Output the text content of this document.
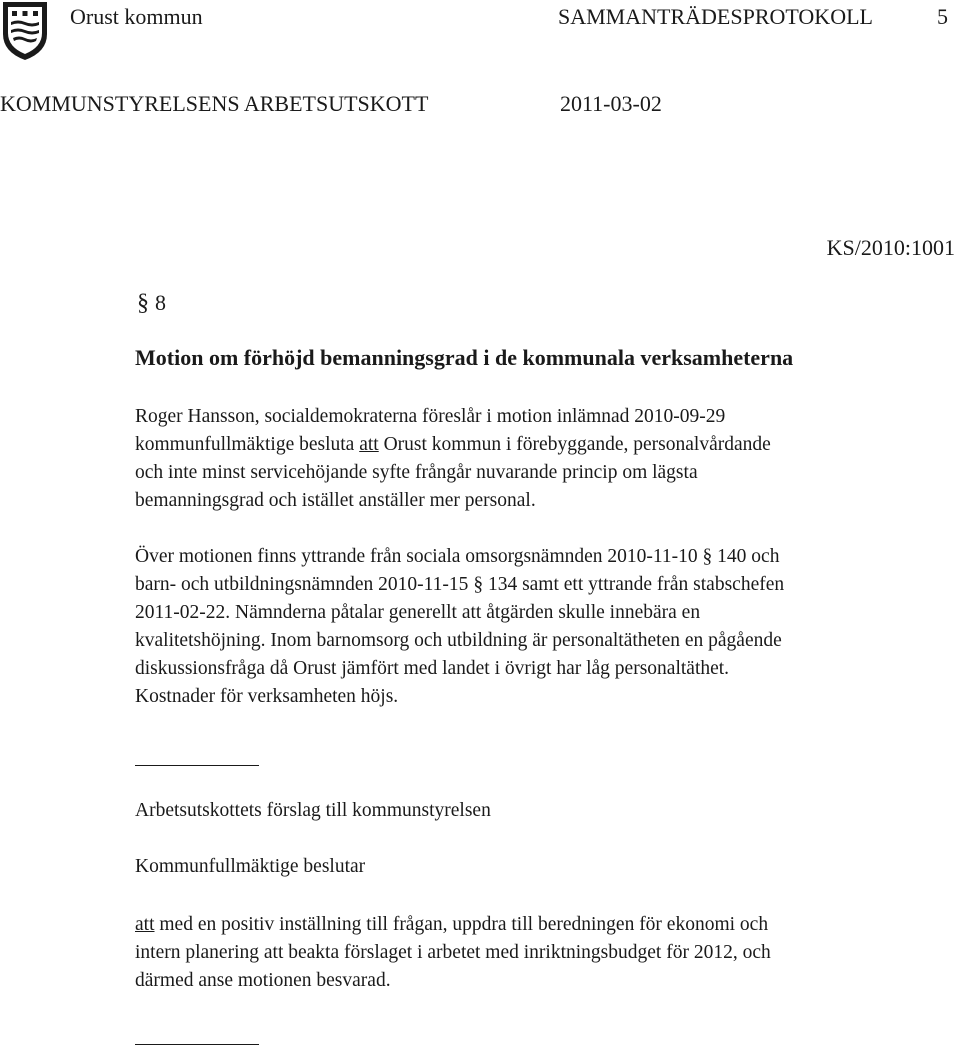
Orust kommun	SAMMANTRÄDESPROTOKOLL	5
KOMMUNSTYRELSENS ARBETSUTSKOTT	2011-03-02
KS/2010:1001
§ 8
Motion om förhöjd bemanningsgrad i de kommunala verksamheterna
Roger Hansson, socialdemokraterna föreslår i motion inlämnad 2010-09-29
kommunfullmäktige besluta att Orust kommun i förebyggande, personalvårdande
och inte minst servicehöjande syfte frångår nuvarande princip om lägsta
bemanningsgrad och istället anställer mer personal.
Över motionen finns yttrande från sociala omsorgsnämnden 2010-11-10 § 140 och
barn- och utbildningsnämnden 2010-11-15 § 134 samt ett yttrande från stabschefen
2011-02-22. Nämnderna påtalar generellt att åtgärden skulle innebära en
kvalitetshöjning. Inom barnomsorg och utbildning är personaltätheten en pågående
diskussionsfråga då Orust jämfört med landet i övrigt har låg personaltäthet.
Kostnader för verksamheten höjs.
Arbetsutskottets förslag till kommunstyrelsen
Kommunfullmäktige beslutar
att med en positiv inställning till frågan, uppdra till beredningen för ekonomi och
intern planering att beakta förslaget i arbetet med inriktningsbudget för 2012, och
därmed anse motionen besvarad.
